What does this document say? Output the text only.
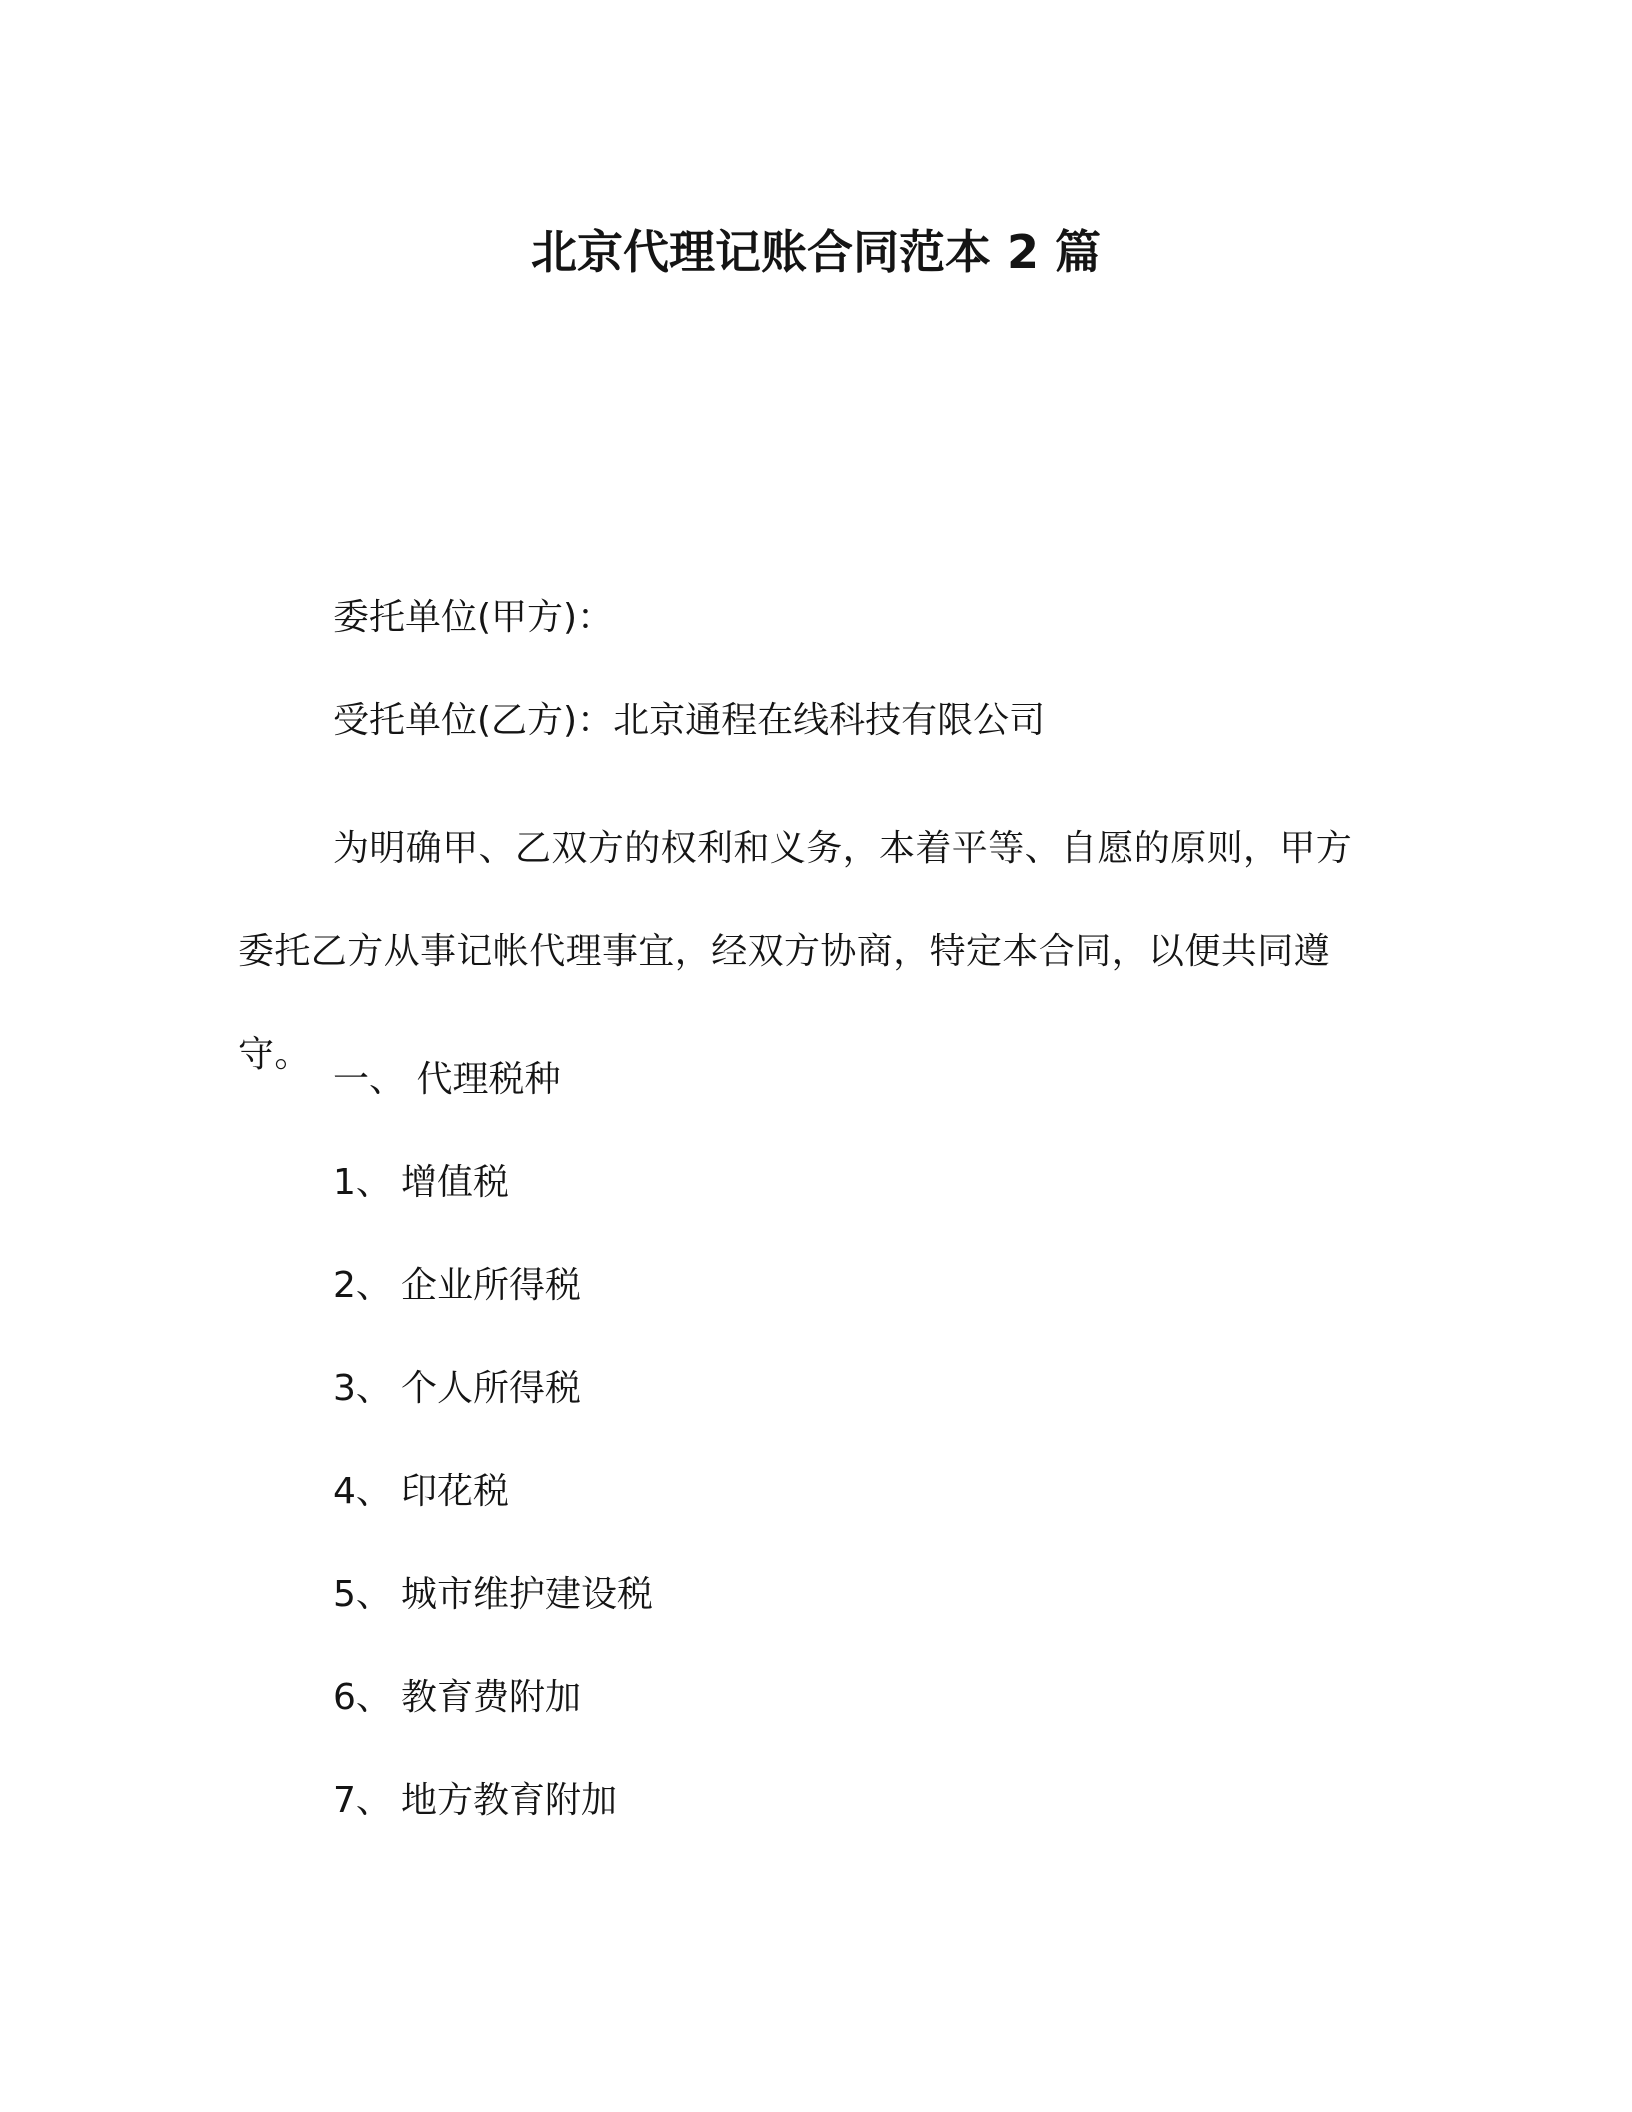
北京代理记账合同范本 2 篇
委托单位(甲方)：
受托单位(乙方)：北京通程在线科技有限公司
为明确甲、乙双方的权利和义务，本着平等、自愿的原则，甲方委托乙方从事记帐代理事宜，经双方协商，特定本合同，以便共同遵守。
一、 代理税种
1、 增值税
2、 企业所得税
3、 个人所得税
4、 印花税
5、 城市维护建设税
6、 教育费附加
7、 地方教育附加
